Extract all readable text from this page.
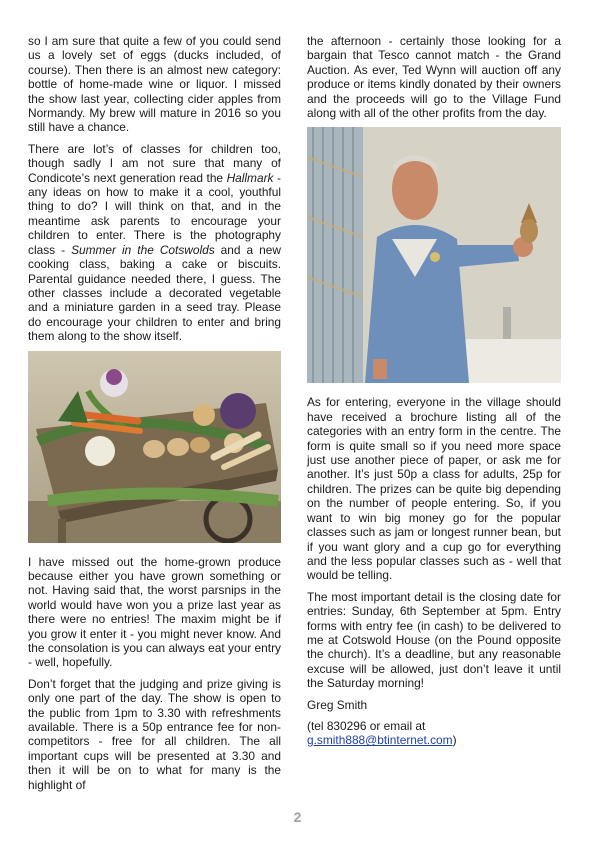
so I am sure that quite a few of you could send us a lovely set of eggs (ducks included, of course). Then there is an almost new category: bottle of home-made wine or liquor. I missed the show last year, collecting cider apples from Normandy. My brew will mature in 2016 so you still have a chance.

There are lot’s of classes for children too, though sadly I am not sure that many of Condicote’s next generation read the Hallmark - any ideas on how to make it a cool, youthful thing to do? I will think on that, and in the meantime ask parents to encourage your children to enter. There is the photography class - Summer in the Cotswolds and a new cooking class, baking a cake or biscuits. Parental guidance needed there, I guess. The other classes include a decorated vegetable and a miniature garden in a seed tray. Please do encourage your children to enter and bring them along to the show itself.

I have missed out the home-grown produce because either you have grown something or not. Having said that, the worst parsnips in the world would have won you a prize last year as there were no entries! The maxim might be if you grow it enter it - you might never know. And the consolation is you can always eat your entry - well, hopefully.

Don’t forget that the judging and prize giving is only one part of the day. The show is open to the public from 1pm to 3.30 with refreshments available. There is a 50p entrance fee for non-competitors - free for all children. The all important cups will be presented at 3.30 and then it will be on to what for many is the highlight of

the afternoon - certainly those looking for a bargain that Tesco cannot match - the Grand Auction. As ever, Ted Wynn will auction off any produce or items kindly donated by their owners and the proceeds will go to the Village Fund along with all of the other profits from the day.

As for entering, everyone in the village should have received a brochure listing all of the categories with an entry form in the centre. The form is quite small so if you need more space just use another piece of paper, or ask me for another. It’s just 50p a class for adults, 25p for children. The prizes can be quite big depending on the number of people entering. So, if you want to win big money go for the popular classes such as jam or longest runner bean, but if you want glory and a cup go for everything and the less popular classes such as - well that would be telling.

The most important detail is the closing date for entries: Sunday, 6th September at 5pm. Entry forms with entry fee (in cash) to be delivered to me at Cotswold House (on the Pound opposite the church). It’s a deadline, but any reasonable excuse will be allowed, just don’t leave it until the Saturday morning!

Greg Smith

(tel 830296 or email at
g.smith888@btinternet.com)

2
